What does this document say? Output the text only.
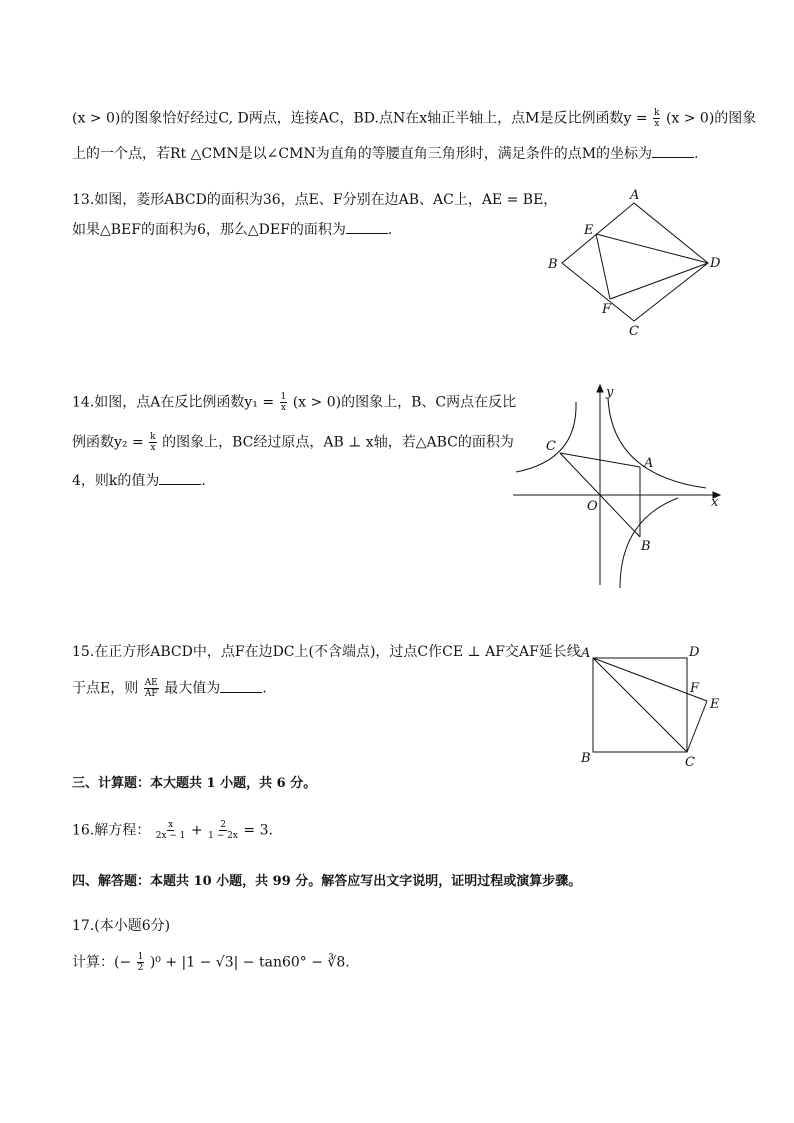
(x > 0)的图象恰好经过C, D两点，连接AC，BD.点N在x轴正半轴上，点M是反比例函数$y = \frac{k}{x} (x > 0)$的图象
上的一个点，若Rt △CMN是以∠CMN为直角的等腰直角三角形时，满足条件的点M的坐标为	.
13.如图，菱形ABCD的面积为36，点E、F分别在边AB、AC上，AE = BE，
如果△BEF的面积为6，那么△DEF的面积为	.
A
B
C
D
E
F
14.如图，点A在反比例函数$y_1 = \frac{1}{x} (x > 0)$的图象上，B、C两点在反比
例函数$y_2 = \frac{k}{x}$ 的图象上，BC经过原点，AB ⊥ x轴，若△ABC的面积为
4，则k的值为	.
y
x
C
A
O
B
15.在正方形ABCD中，点F在边DC上(不含端点)，过点C作CE ⊥ AF交AF延长线
于点E，则 $\frac{AE}{AF}$ 最大值为	.
A	D
F
E
B	C
三、计算题：本大题共 1 小题，共 6 分。
16.解方程： $\frac{x}{2x - 1} + \frac{2}{1 - 2x} = 3$.
四、解答题：本题共 10 小题，共 99 分。解答应写出文字说明，证明过程或演算步骤。
17.(本小题6分)
计算：(− $\frac{1}{2} )^0 + |1 - √3| - \tan 60^\circ$ − ∛8.
